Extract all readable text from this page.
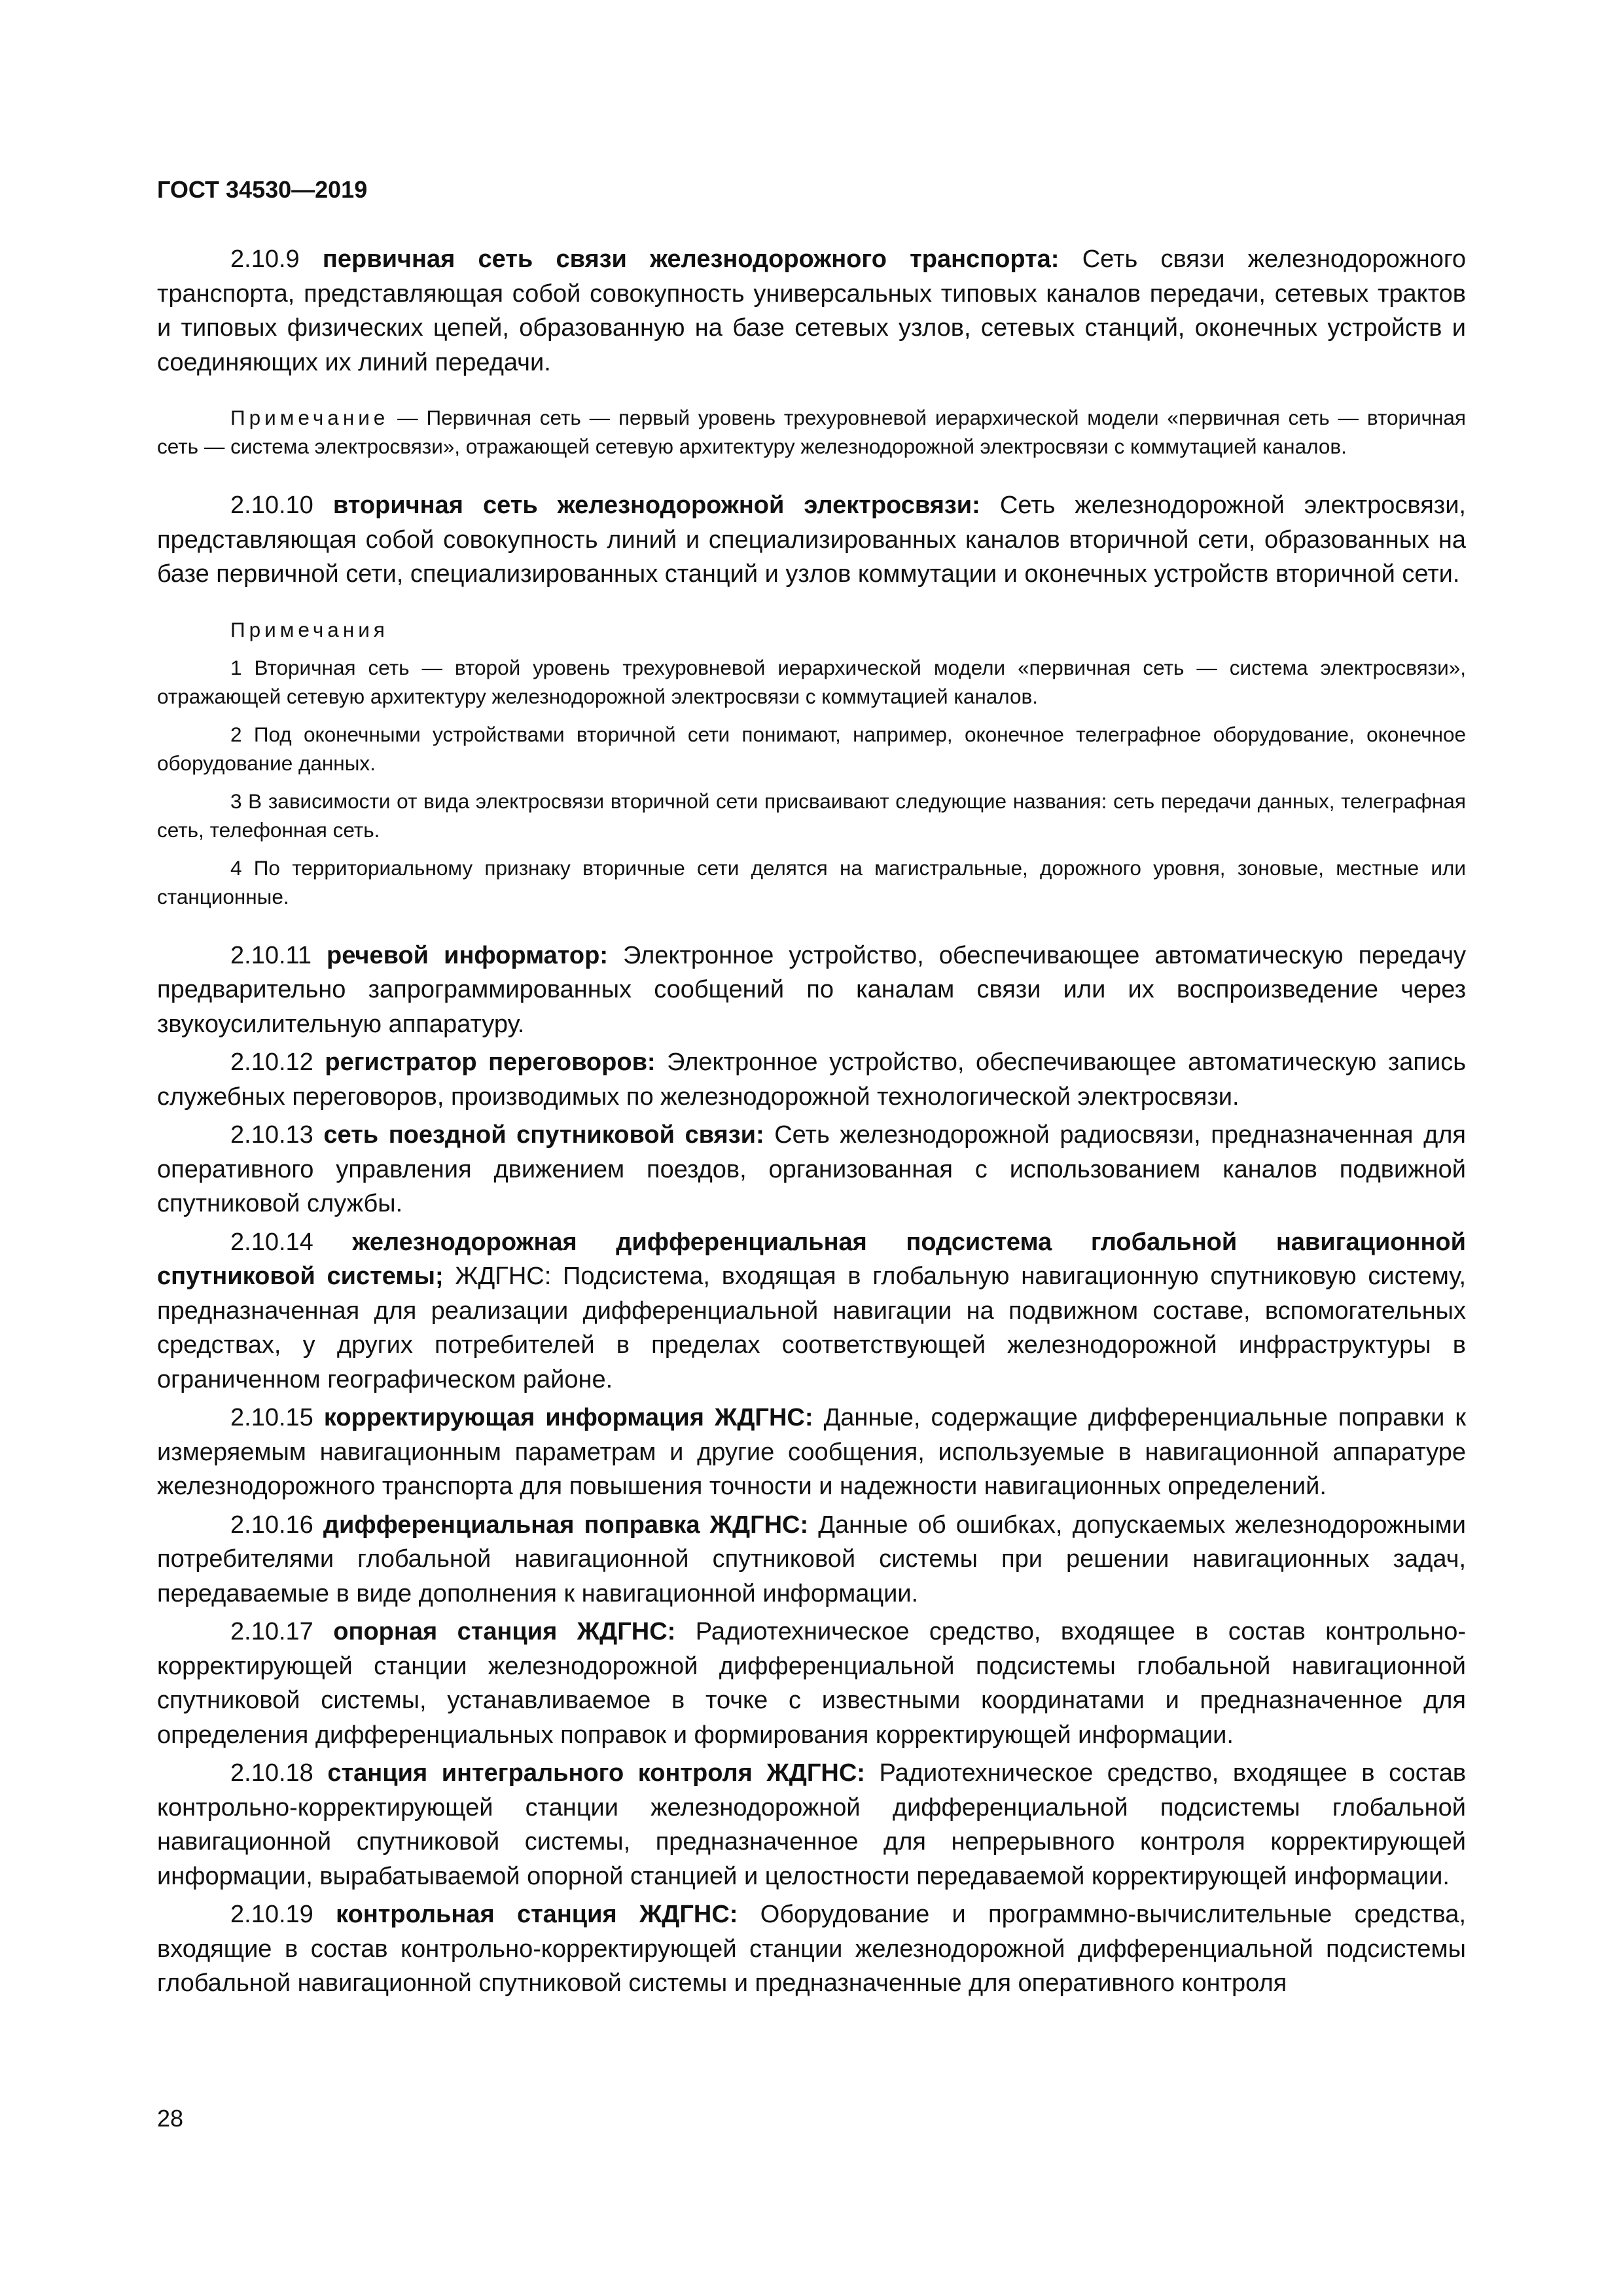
ГОСТ 34530—2019

2.10.9 первичная сеть связи железнодорожного транспорта: Сеть связи железнодорожного транспорта, представляющая собой совокупность универсальных типовых каналов передачи, сетевых трактов и типовых физических цепей, образованную на базе сетевых узлов, сетевых станций, оконечных устройств и соединяющих их линий передачи.

Примечание — Первичная сеть — первый уровень трехуровневой иерархической модели «первичная сеть — вторичная сеть — система электросвязи», отражающей сетевую архитектуру железнодорожной электросвязи с коммутацией каналов.

2.10.10 вторичная сеть железнодорожной электросвязи: Сеть железнодорожной электросвязи, представляющая собой совокупность линий и специализированных каналов вторичной сети, образованных на базе первичной сети, специализированных станций и узлов коммутации и оконечных устройств вторичной сети.

Примечания

1 Вторичная сеть — второй уровень трехуровневой иерархической модели «первичная сеть — система электросвязи», отражающей сетевую архитектуру железнодорожной электросвязи с коммутацией каналов.

2 Под оконечными устройствами вторичной сети понимают, например, оконечное телеграфное оборудование, оконечное оборудование данных.

3 В зависимости от вида электросвязи вторичной сети присваивают следующие названия: сеть передачи данных, телеграфная сеть, телефонная сеть.

4 По территориальному признаку вторичные сети делятся на магистральные, дорожного уровня, зоновые, местные или станционные.

2.10.11 речевой информатор: Электронное устройство, обеспечивающее автоматическую передачу предварительно запрограммированных сообщений по каналам связи или их воспроизведение через звукоусилительную аппаратуру.

2.10.12 регистратор переговоров: Электронное устройство, обеспечивающее автоматическую запись служебных переговоров, производимых по железнодорожной технологической электросвязи.

2.10.13 сеть поездной спутниковой связи: Сеть железнодорожной радиосвязи, предназначенная для оперативного управления движением поездов, организованная с использованием каналов подвижной спутниковой службы.

2.10.14 железнодорожная дифференциальная подсистема глобальной навигационной спутниковой системы; ЖДГНС: Подсистема, входящая в глобальную навигационную спутниковую систему, предназначенная для реализации дифференциальной навигации на подвижном составе, вспомогательных средствах, у других потребителей в пределах соответствующей железнодорожной инфраструктуры в ограниченном географическом районе.

2.10.15 корректирующая информация ЖДГНС: Данные, содержащие дифференциальные поправки к измеряемым навигационным параметрам и другие сообщения, используемые в навигационной аппаратуре железнодорожного транспорта для повышения точности и надежности навигационных определений.

2.10.16 дифференциальная поправка ЖДГНС: Данные об ошибках, допускаемых железнодорожными потребителями глобальной навигационной спутниковой системы при решении навигационных задач, передаваемые в виде дополнения к навигационной информации.

2.10.17 опорная станция ЖДГНС: Радиотехническое средство, входящее в состав контрольно-корректирующей станции железнодорожной дифференциальной подсистемы глобальной навигационной спутниковой системы, устанавливаемое в точке с известными координатами и предназначенное для определения дифференциальных поправок и формирования корректирующей информации.

2.10.18 станция интегрального контроля ЖДГНС: Радиотехническое средство, входящее в состав контрольно-корректирующей станции железнодорожной дифференциальной подсистемы глобальной навигационной спутниковой системы, предназначенное для непрерывного контроля корректирующей информации, вырабатываемой опорной станцией и целостности передаваемой корректирующей информации.

2.10.19 контрольная станция ЖДГНС: Оборудование и программно-вычислительные средства, входящие в состав контрольно-корректирующей станции железнодорожной дифференциальной подсистемы глобальной навигационной спутниковой системы и предназначенные для оперативного контроля

28
